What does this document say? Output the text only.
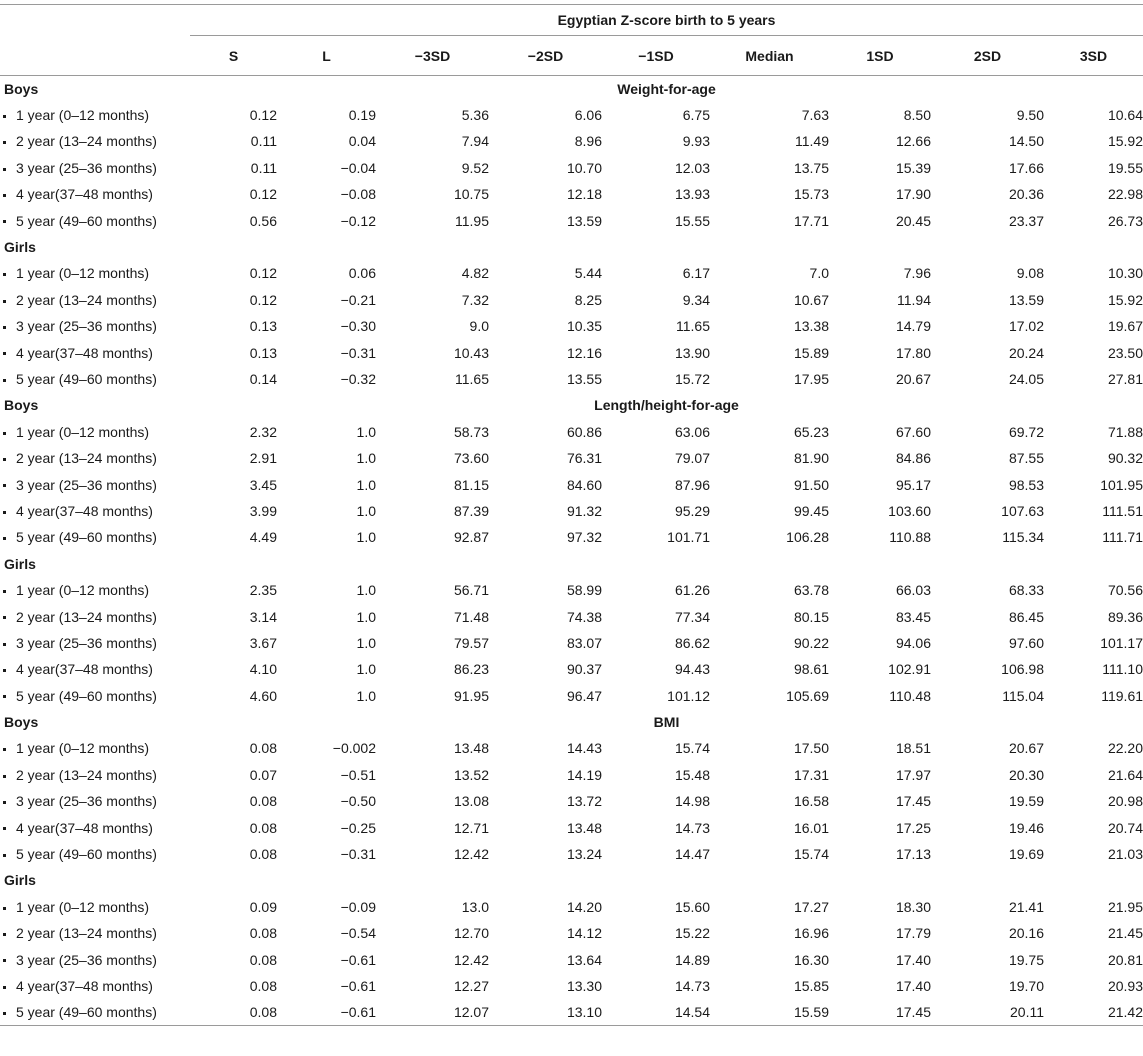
	Egyptian Z-score birth to 5 years								
	S	L	−3SD	−2SD	−1SD	Median	1SD	2SD	3SD
Boys	Weight-for-age								
1 year (0–12 months)	0.12	0.19	5.36	6.06	6.75	7.63	8.50	9.50	10.64
2 year (13–24 months)	0.11	0.04	7.94	8.96	9.93	11.49	12.66	14.50	15.92
3 year (25–36 months)	0.11	−0.04	9.52	10.70	12.03	13.75	15.39	17.66	19.55
4 year(37–48 months)	0.12	−0.08	10.75	12.18	13.93	15.73	17.90	20.36	22.98
5 year (49–60 months)	0.56	−0.12	11.95	13.59	15.55	17.71	20.45	23.37	26.73
Girls									
1 year (0–12 months)	0.12	0.06	4.82	5.44	6.17	7.0	7.96	9.08	10.30
2 year (13–24 months)	0.12	−0.21	7.32	8.25	9.34	10.67	11.94	13.59	15.92
3 year (25–36 months)	0.13	−0.30	9.0	10.35	11.65	13.38	14.79	17.02	19.67
4 year(37–48 months)	0.13	−0.31	10.43	12.16	13.90	15.89	17.80	20.24	23.50
5 year (49–60 months)	0.14	−0.32	11.65	13.55	15.72	17.95	20.67	24.05	27.81
Boys	Length/height-for-age								
1 year (0–12 months)	2.32	1.0	58.73	60.86	63.06	65.23	67.60	69.72	71.88
2 year (13–24 months)	2.91	1.0	73.60	76.31	79.07	81.90	84.86	87.55	90.32
3 year (25–36 months)	3.45	1.0	81.15	84.60	87.96	91.50	95.17	98.53	101.95
4 year(37–48 months)	3.99	1.0	87.39	91.32	95.29	99.45	103.60	107.63	111.51
5 year (49–60 months)	4.49	1.0	92.87	97.32	101.71	106.28	110.88	115.34	111.71
Girls									
1 year (0–12 months)	2.35	1.0	56.71	58.99	61.26	63.78	66.03	68.33	70.56
2 year (13–24 months)	3.14	1.0	71.48	74.38	77.34	80.15	83.45	86.45	89.36
3 year (25–36 months)	3.67	1.0	79.57	83.07	86.62	90.22	94.06	97.60	101.17
4 year(37–48 months)	4.10	1.0	86.23	90.37	94.43	98.61	102.91	106.98	111.10
5 year (49–60 months)	4.60	1.0	91.95	96.47	101.12	105.69	110.48	115.04	119.61
Boys	BMI								
1 year (0–12 months)	0.08	−0.002	13.48	14.43	15.74	17.50	18.51	20.67	22.20
2 year (13–24 months)	0.07	−0.51	13.52	14.19	15.48	17.31	17.97	20.30	21.64
3 year (25–36 months)	0.08	−0.50	13.08	13.72	14.98	16.58	17.45	19.59	20.98
4 year(37–48 months)	0.08	−0.25	12.71	13.48	14.73	16.01	17.25	19.46	20.74
5 year (49–60 months)	0.08	−0.31	12.42	13.24	14.47	15.74	17.13	19.69	21.03
Girls									
1 year (0–12 months)	0.09	−0.09	13.0	14.20	15.60	17.27	18.30	21.41	21.95
2 year (13–24 months)	0.08	−0.54	12.70	14.12	15.22	16.96	17.79	20.16	21.45
3 year (25–36 months)	0.08	−0.61	12.42	13.64	14.89	16.30	17.40	19.75	20.81
4 year(37–48 months)	0.08	−0.61	12.27	13.30	14.73	15.85	17.40	19.70	20.93
5 year (49–60 months)	0.08	−0.61	12.07	13.10	14.54	15.59	17.45	20.11	21.42
